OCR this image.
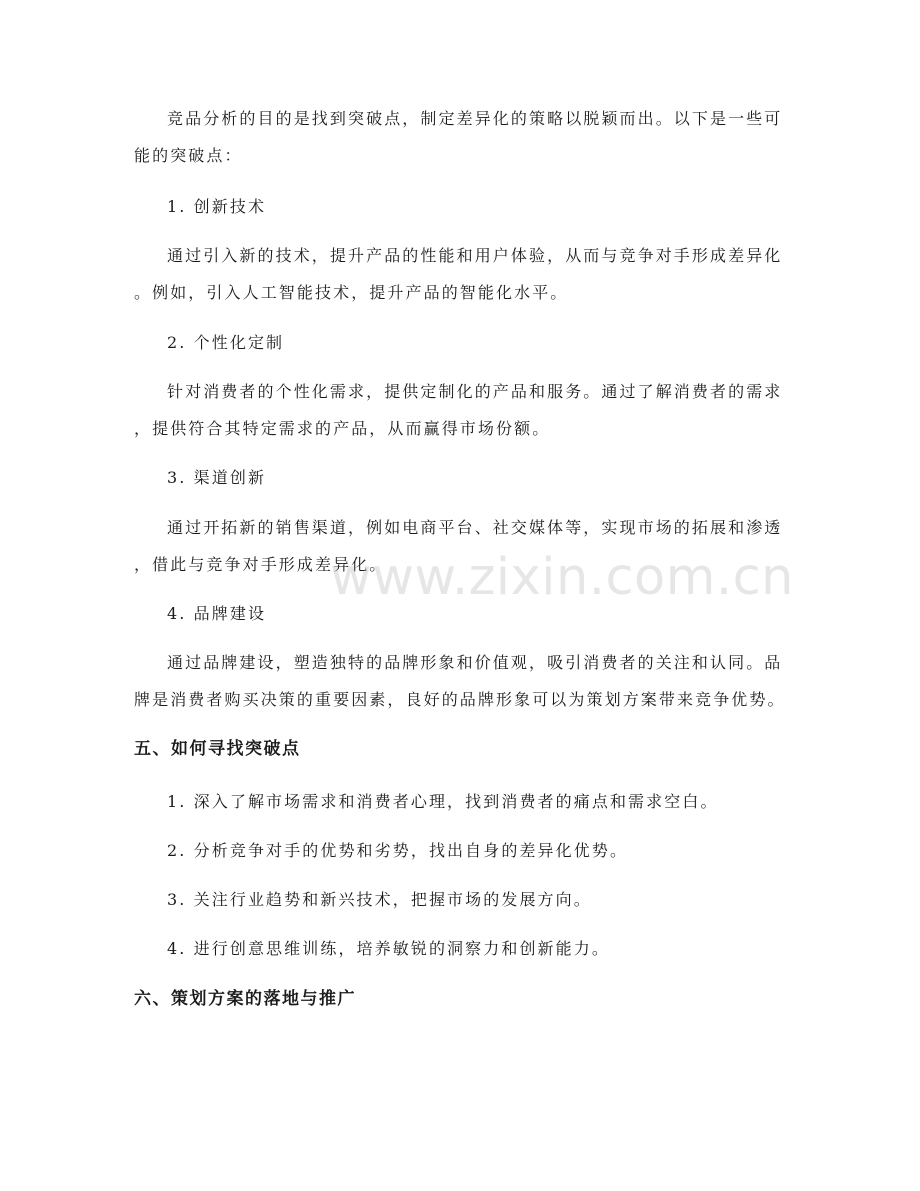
竞品分析的目的是找到突破点，制定差异化的策略以脱颖而出。以下是一些可
能的突破点：
1. 创新技术
通过引入新的技术，提升产品的性能和用户体验，从而与竞争对手形成差异化
。例如，引入人工智能技术，提升产品的智能化水平。
2. 个性化定制
针对消费者的个性化需求，提供定制化的产品和服务。通过了解消费者的需求
，提供符合其特定需求的产品，从而赢得市场份额。
3. 渠道创新
通过开拓新的销售渠道，例如电商平台、社交媒体等，实现市场的拓展和渗透
，借此与竞争对手形成差异化。
4. 品牌建设
通过品牌建设，塑造独特的品牌形象和价值观，吸引消费者的关注和认同。品
牌是消费者购买决策的重要因素，良好的品牌形象可以为策划方案带来竞争优势。
五、如何寻找突破点
1. 深入了解市场需求和消费者心理，找到消费者的痛点和需求空白。
2. 分析竞争对手的优势和劣势，找出自身的差异化优势。
3. 关注行业趋势和新兴技术，把握市场的发展方向。
4. 进行创意思维训练，培养敏锐的洞察力和创新能力。
六、策划方案的落地与推广
www.zixin.com.cn
